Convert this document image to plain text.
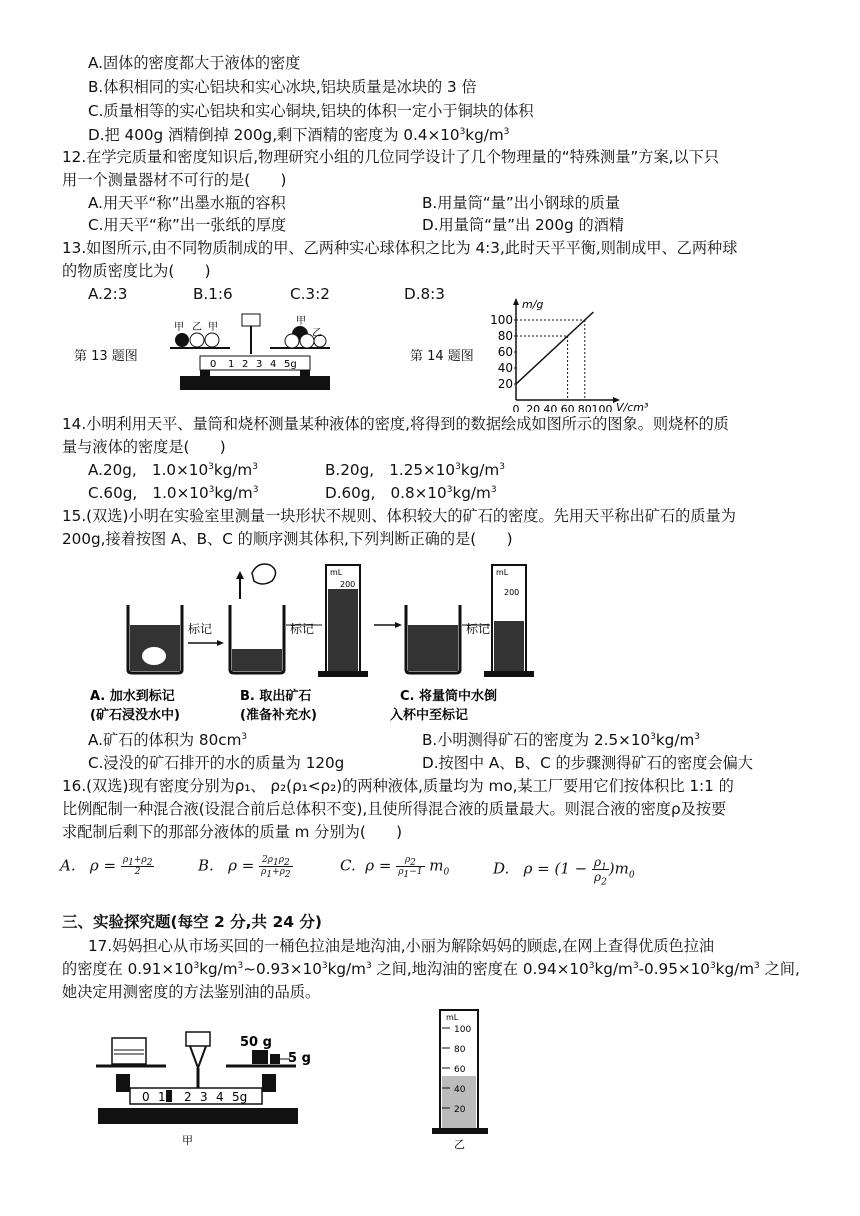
A.固体的密度都大于液体的密度
B.体积相同的实心铝块和实心冰块,铝块质量是冰块的 3 倍
C.质量相等的实心铝块和实心铜块,铝块的体积一定小于铜块的体积
D.把 400g 酒精倒掉 200g,剩下酒精的密度为 $0.4\times 10^3kg/m^3$
12.在学完质量和密度知识后,物理研究小组的几位同学设计了几个物理量的“特殊测量”方案,以下只
用一个测量器材不可行的是(　　)
A.用天平“称”出墨水瓶的容积	B.用量筒“量”出小钢球的质量
C.用天平“称”出一张纸的厚度	D.用量筒“量”出 200g 的酒精
13.如图所示,由不同物质制成的甲、乙两种实心球体积之比为 4:3,此时天平平衡,则制成甲、乙两种球
的物质密度比为(　　)
A.2:3	B.1:6	C.3:2	D.8:3
第 13 题图
甲 乙 甲
甲
乙
0 1 2 3 4 5g
第 14 题图
m/g
V/cm³
20
40
60
80
100
0 20 40 60 80 100
14.小明利用天平、量筒和烧杯测量某种液体的密度,将得到的数据绘成如图所示的图象。则烧杯的质
量与液体的密度是(　　)
A.20g,　$1.0\times 10^3kg/m^3$	B.20g,　$1.25\times 10^3kg/m^3$
C.60g,　$1.0\times 10^3kg/m^3$	D.60g,　$0.8\times 10^3kg/m^3$
15.(双选)小明在实验室里测量一块形状不规则、体积较大的矿石的密度。先用天平称出矿石的质量为
200g,接着按图 A、B、C 的顺序测其体积,下列判断正确的是(　　)
标记	标记
mL
200
标记
mL
200
A. 加水到标记
(矿石浸没水中)
B. 取出矿石
(准备补充水)
C. 将量筒中水倒
入杯中至标记
A.矿石的体积为 $80cm^3$	B.小明测得矿石的密度为 $2.5\times 10^3kg/m^3$
C.浸没的矿石排开的水的质量为 120g	D.按图中 A、B、C 的步骤测得矿石的密度会偏大
16.(双选)现有密度分别为ρ₁、 ρ₂(ρ₁<ρ₂)的两种液体,质量均为 mo,某工厂要用它们按体积比 1:1 的
比例配制一种混合液(设混合前后总体积不变),且使所得混合液的质量最大。则混合液的密度ρ及按要
求配制后剩下的那部分液体的质量 m 分别为(　　)
A.   $\rho = \frac{\rho_1+\rho_2}{2}$	B.   $\rho = \frac{2\rho_1\rho_2}{\rho_1+\rho_2}$	C.  $\rho = \frac{\rho_2}{\rho_1-1} m_0$	D.   $\rho = (1 - \frac{\rho_1}{\rho_2} )m_0$
三、实验探究题(每空 2 分,共 24 分)
17.妈妈担心从市场买回的一桶色拉油是地沟油,小丽为解除妈妈的顾虑,在网上查得优质色拉油
的密度在 $0.91\times 10^3kg/m^3\sim 0.93\times 10^3kg/m^3$ 之间,地沟油的密度在 $0.94\times 10^3kg/m^3-0.95\times 10^3kg/m^3$ 之间,
她决定用测密度的方法鉴别油的品质。
50 g
5 g
0 1 2 3 4 5g
甲
mL
100
80
60
40
20
乙
